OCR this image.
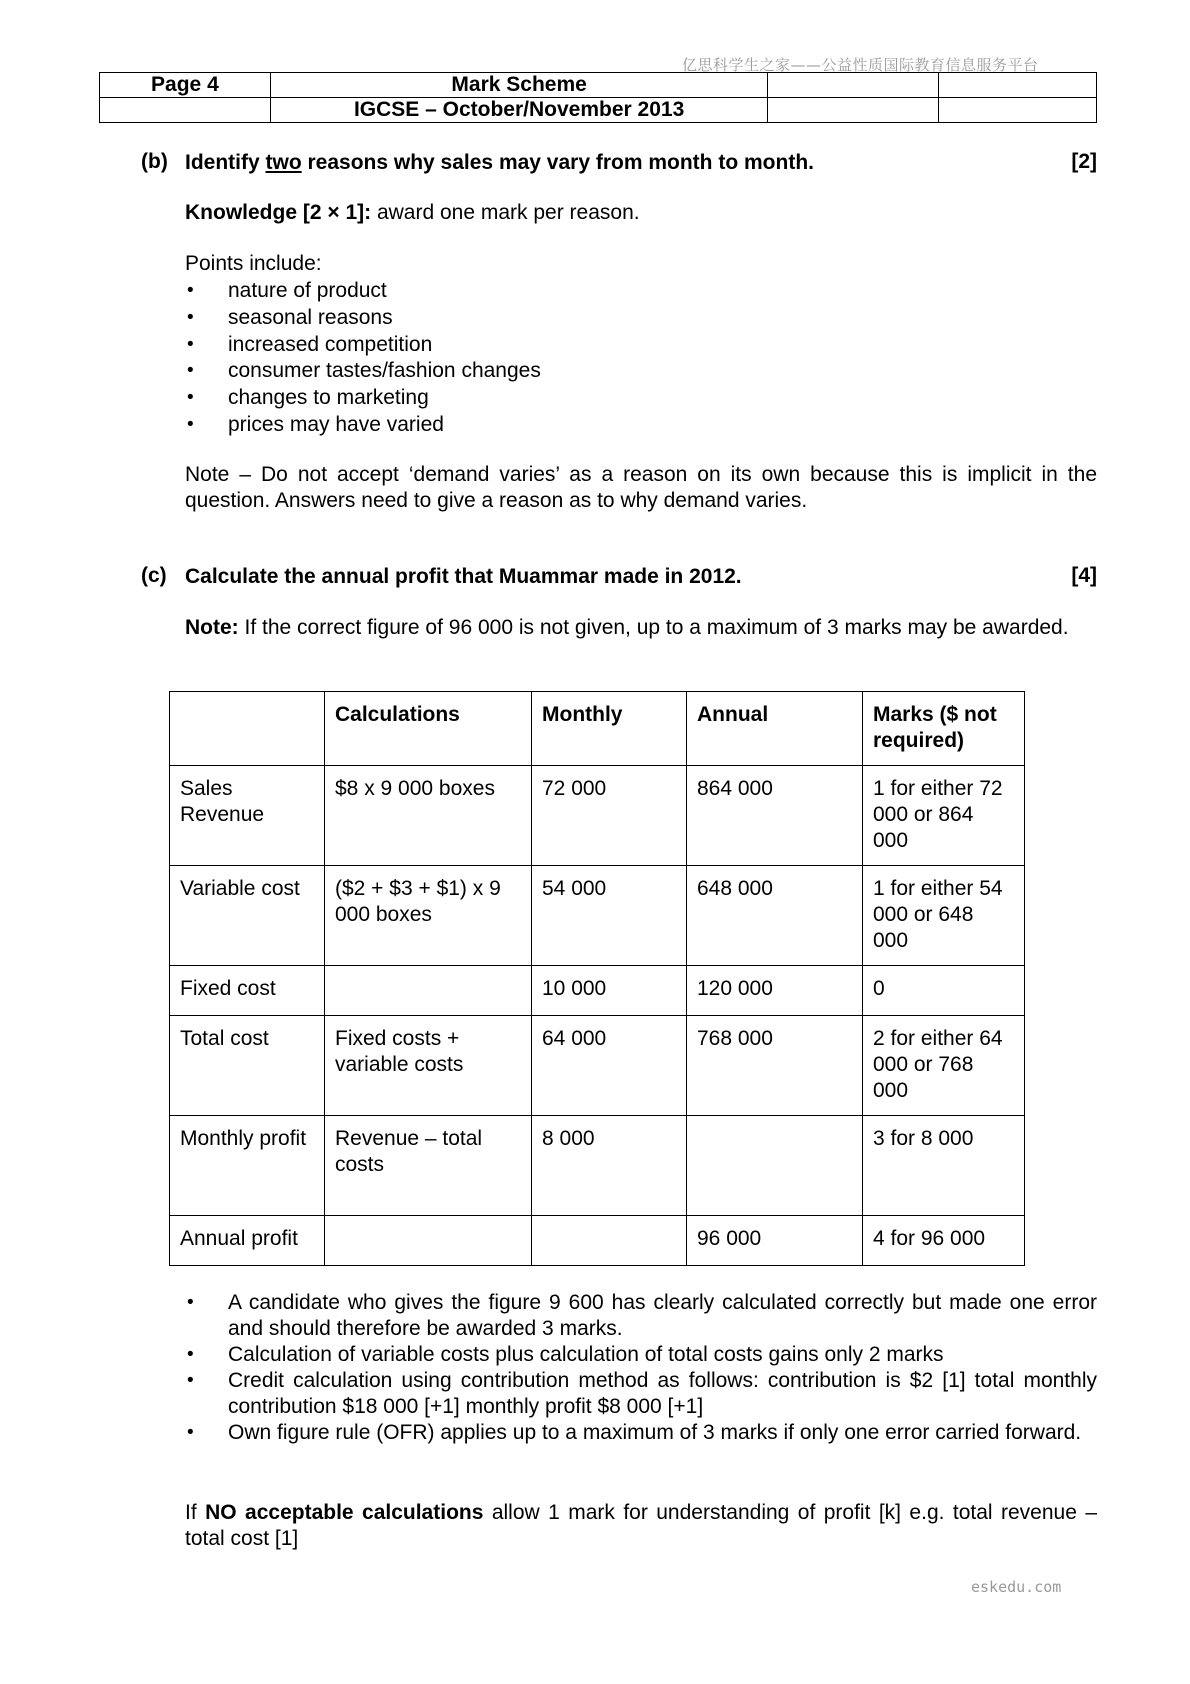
亿思科学生之家——公益性质国际教育信息服务平台
Page 4	Mark Scheme		
	IGCSE – October/November 2013		
(b) Identify two reasons why sales may vary from month to month.	[2]
Knowledge [2 × 1]: award one mark per reason.
Points include:
• nature of product
• seasonal reasons
• increased competition
• consumer tastes/fashion changes
• changes to marketing
• prices may have varied
Note – Do not accept ‘demand varies’ as a reason on its own because this is implicit in the question. Answers need to give a reason as to why demand varies.
(c) Calculate the annual profit that Muammar made in 2012.	[4]
Note: If the correct figure of 96 000 is not given, up to a maximum of 3 marks may be awarded.
	Calculations	Monthly	Annual	Marks ($ not required)
Sales Revenue	$8 x 9 000 boxes	72 000	864 000	1 for either 72 000 or 864 000
Variable cost	($2 + $3 + $1) x 9 000 boxes	54 000	648 000	1 for either 54 000 or 648 000
Fixed cost		10 000	120 000	0
Total cost	Fixed costs + variable costs	64 000	768 000	2 for either 64 000 or 768 000
Monthly profit	Revenue – total costs	8 000		3 for 8 000
Annual profit			96 000	4 for 96 000
• A candidate who gives the figure 9 600 has clearly calculated correctly but made one error and should therefore be awarded 3 marks.
• Calculation of variable costs plus calculation of total costs gains only 2 marks
• Credit calculation using contribution method as follows: contribution is $2 [1] total monthly contribution $18 000 [+1] monthly profit $8 000 [+1]
• Own figure rule (OFR) applies up to a maximum of 3 marks if only one error carried forward.
If NO acceptable calculations allow 1 mark for understanding of profit [k] e.g. total revenue – total cost [1]
eskedu.com
